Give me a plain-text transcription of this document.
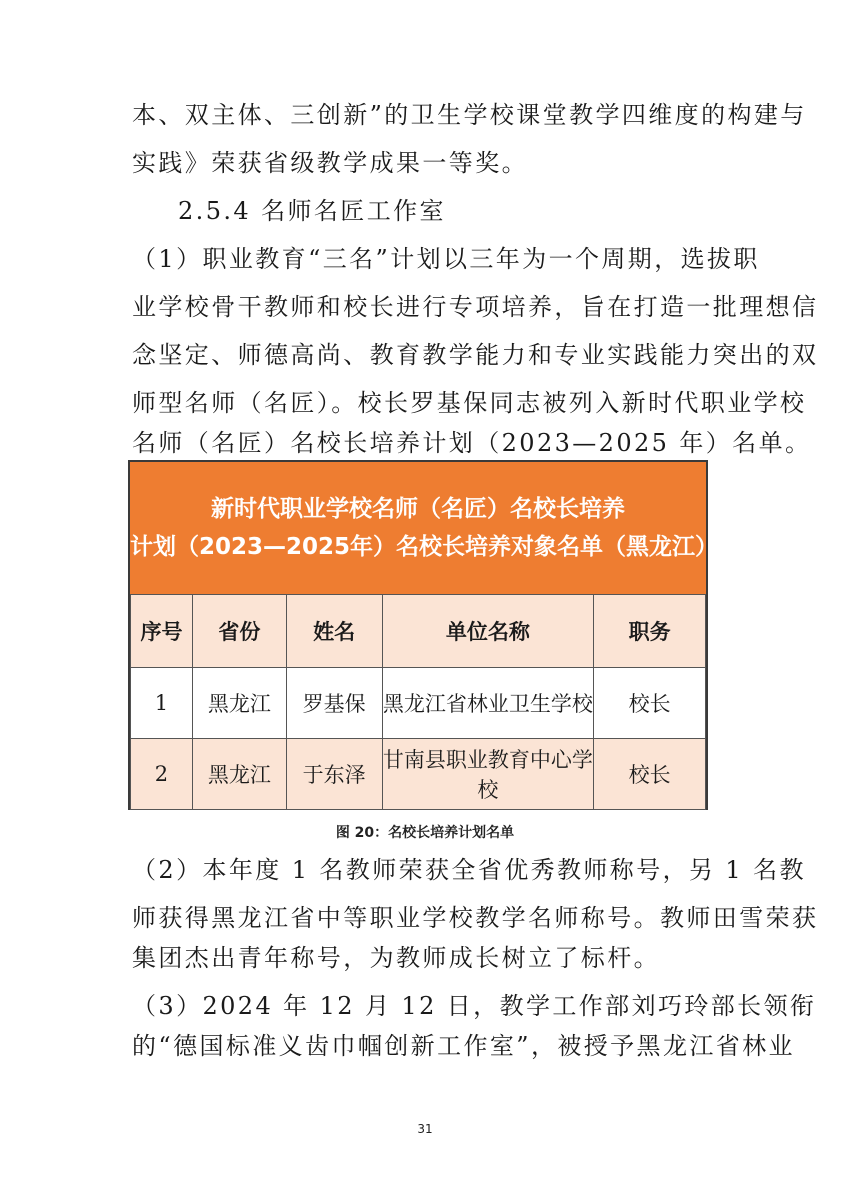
本、双主体、三创新”的卫生学校课堂教学四维度的构建与
实践》荣获省级教学成果一等奖。
2.5.4 名师名匠工作室
（1）职业教育“三名”计划以三年为一个周期，选拔职
业学校骨干教师和校长进行专项培养，旨在打造一批理想信
念坚定、师德高尚、教育教学能力和专业实践能力突出的双
师型名师（名匠）。校长罗基保同志被列入新时代职业学校
名师（名匠）名校长培养计划（2023—2025 年）名单。
新时代职业学校名师（名匠）名校长培养
计划（2023—2025年）名校长培养对象名单（黑龙江）
序号	省份	姓名	单位名称	职务
1	黑龙江	罗基保	黑龙江省林业卫生学校	校长
2	黑龙江	于东泽	甘南县职业教育中心学校	校长
图 20：名校长培养计划名单
（2）本年度 1 名教师荣获全省优秀教师称号，另 1 名教
师获得黑龙江省中等职业学校教学名师称号。教师田雪荣获
集团杰出青年称号，为教师成长树立了标杆。
（3）2024 年 12 月 12 日，教学工作部刘巧玲部长领衔
的“德国标准义齿巾帼创新工作室”，被授予黑龙江省林业
31
